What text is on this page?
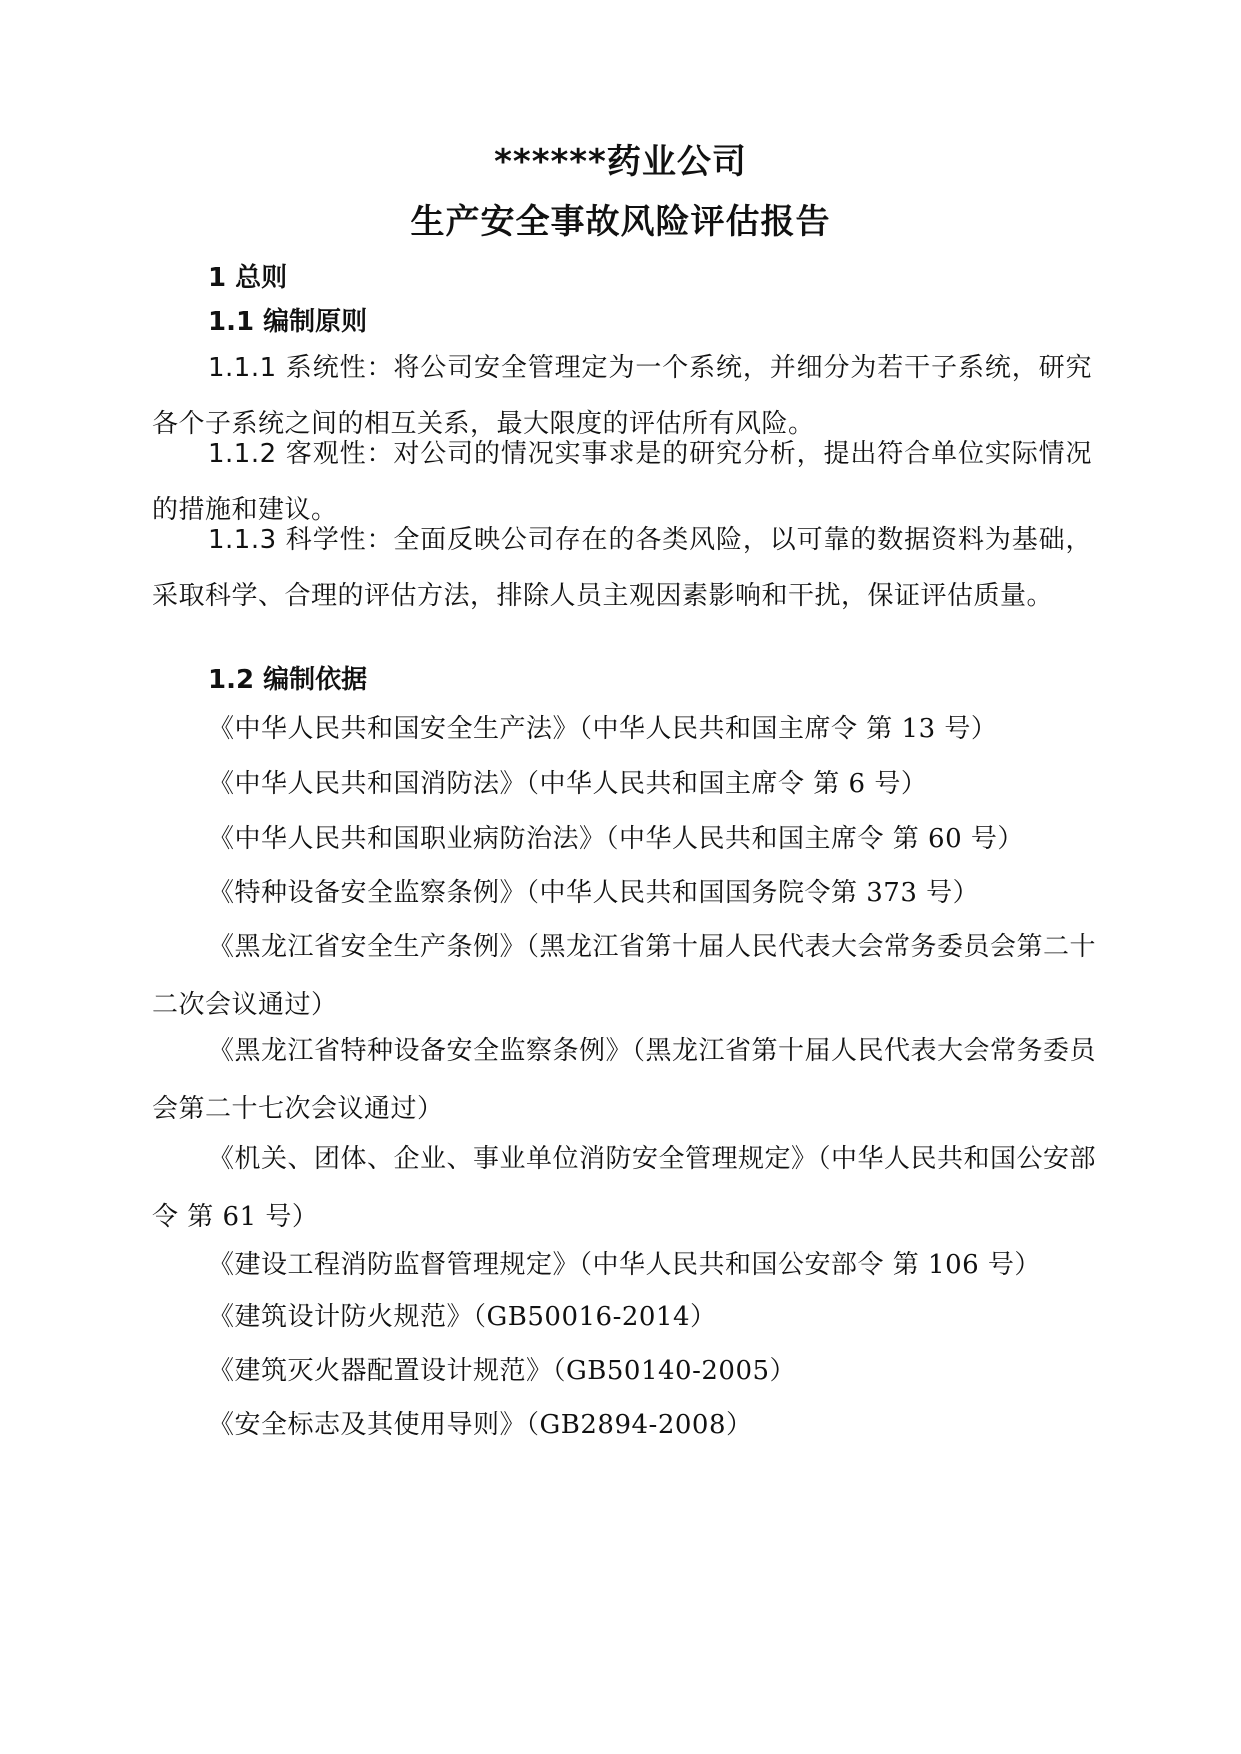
******药业公司
生产安全事故风险评估报告
1 总则
1.1 编制原则
1.1.1 系统性：将公司安全管理定为一个系统，并细分为若干子系统，研究各个子系统之间的相互关系，最大限度的评估所有风险。
1.1.2 客观性：对公司的情况实事求是的研究分析，提出符合单位实际情况的措施和建议。
1.1.3 科学性：全面反映公司存在的各类风险，以可靠的数据资料为基础，采取科学、合理的评估方法，排除人员主观因素影响和干扰，保证评估质量。
1.2 编制依据
《中华人民共和国安全生产法》（中华人民共和国主席令 第 13 号）
《中华人民共和国消防法》（中华人民共和国主席令 第 6 号）
《中华人民共和国职业病防治法》（中华人民共和国主席令 第 60 号）
《特种设备安全监察条例》（中华人民共和国国务院令第 373 号）
《黑龙江省安全生产条例》（黑龙江省第十届人民代表大会常务委员会第二十二次会议通过）
《黑龙江省特种设备安全监察条例》（黑龙江省第十届人民代表大会常务委员会第二十七次会议通过）
《机关、团体、企业、事业单位消防安全管理规定》（中华人民共和国公安部令 第 61 号）
《建设工程消防监督管理规定》（中华人民共和国公安部令 第 106 号）
《建筑设计防火规范》（GB50016-2014）
《建筑灭火器配置设计规范》（GB50140-2005）
《安全标志及其使用导则》（GB2894-2008）
